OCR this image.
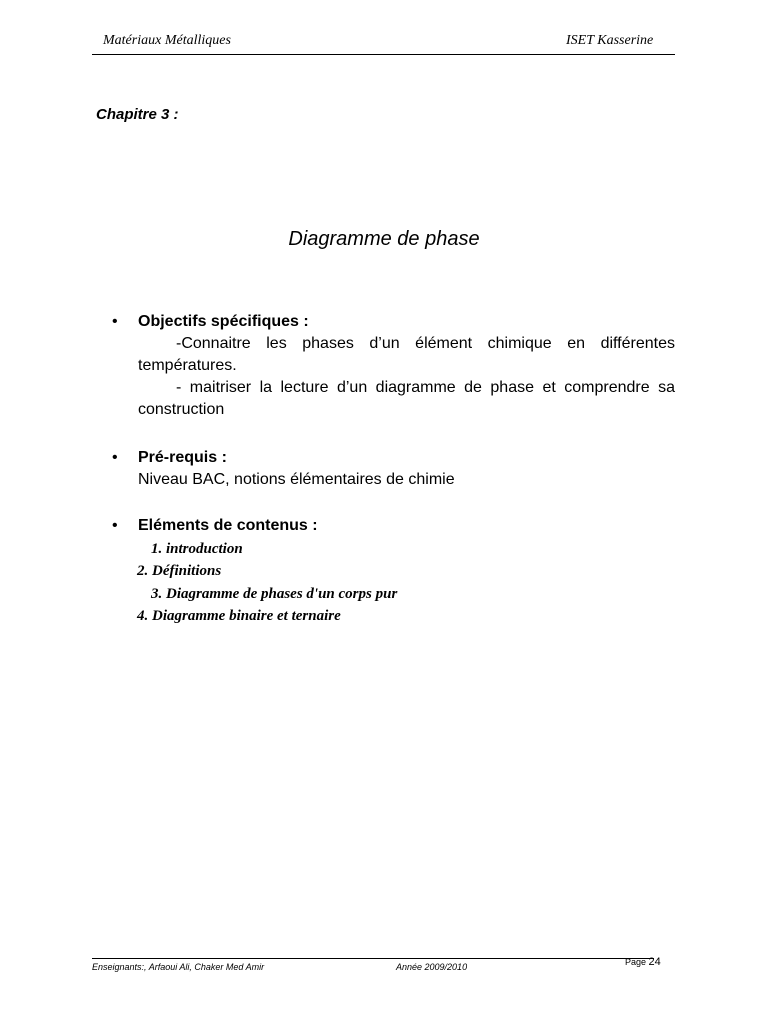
Matériaux Métalliques	ISET Kasserine
Chapitre 3 :
Diagramme de phase
• Objectifs spécifiques :
-Connaitre les phases d’un élément chimique en différentes températures.
- maitriser la lecture d’un diagramme de phase et comprendre sa construction
• Pré-requis :
Niveau BAC, notions élémentaires de chimie
• Eléments de contenus :
1. introduction
2. Définitions
3. Diagramme de phases d'un corps pur
4. Diagramme binaire et ternaire
Enseignants:, Arfaoui Ali, Chaker Med Amir	Année 2009/2010	Page 24
